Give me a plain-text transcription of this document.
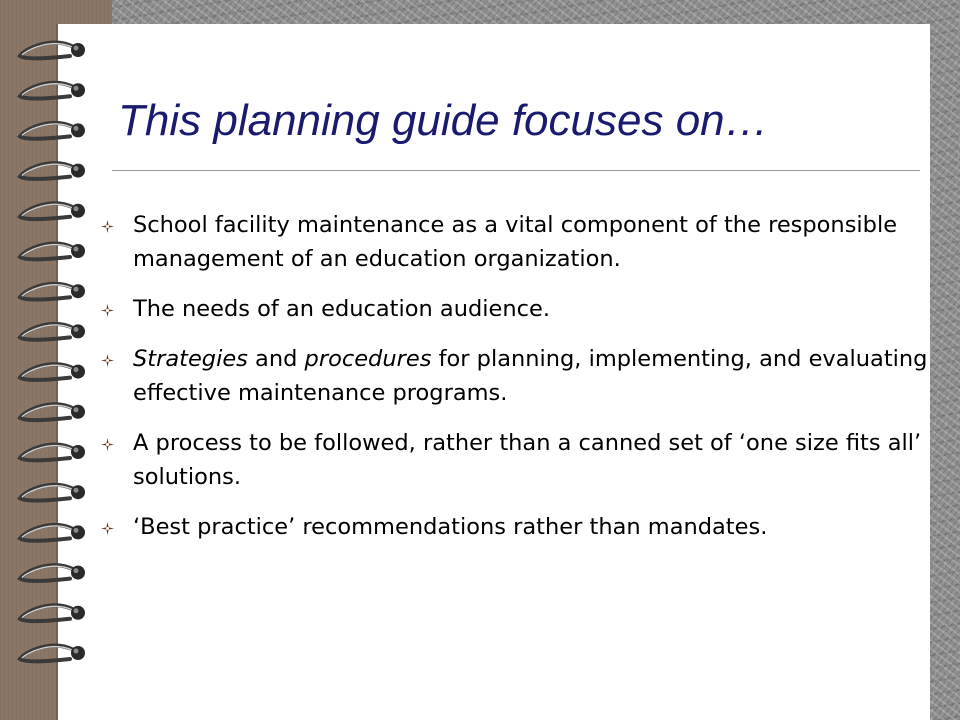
This planning guide focuses on…
School facility maintenance as a vital component of the responsible management of an education organization.
The needs of an education audience.
Strategies and procedures for planning, implementing, and evaluating effective maintenance programs.
A process to be followed, rather than a canned set of ‘one size fits all’ solutions.
‘Best practice’ recommendations rather than mandates.
